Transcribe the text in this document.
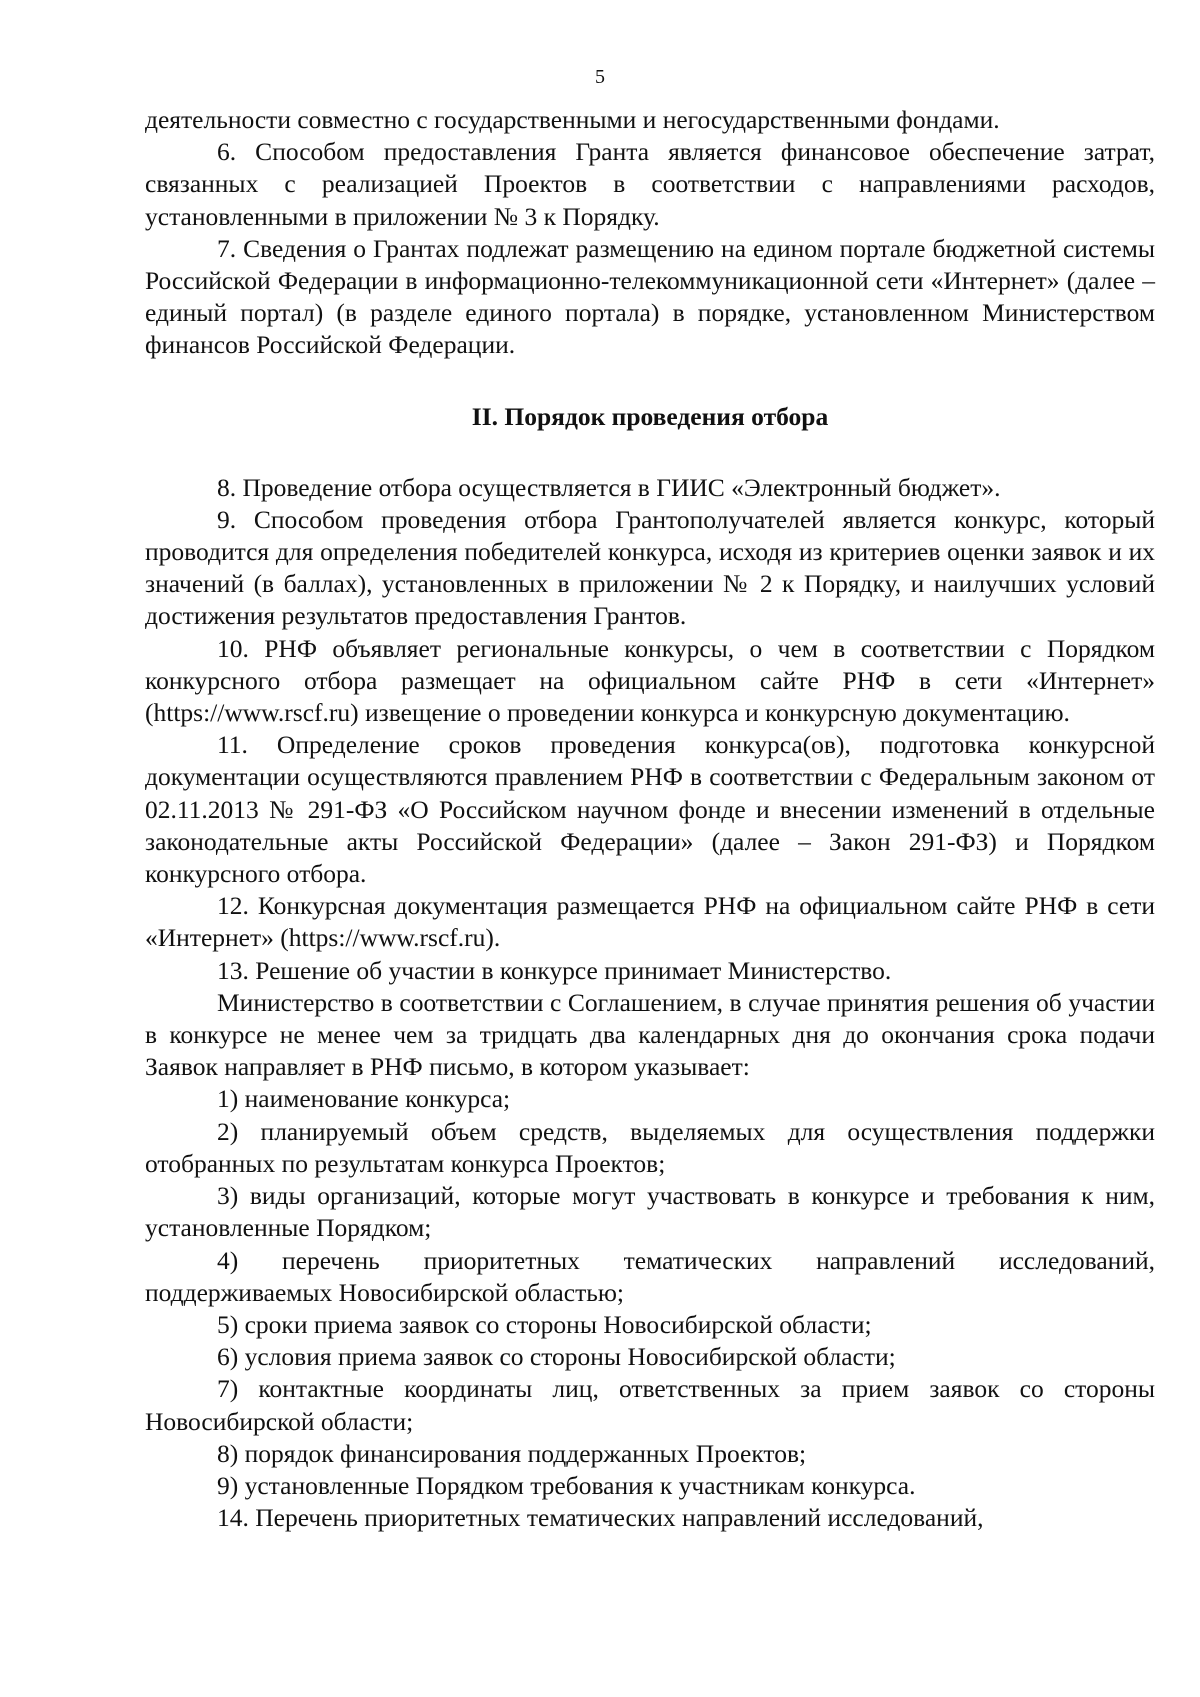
5

деятельности совместно с государственными и негосударственными фондами.

6. Способом предоставления Гранта является финансовое обеспечение затрат, связанных с реализацией Проектов в соответствии с направлениями расходов, установленными в приложении № 3 к Порядку.

7. Сведения о Грантах подлежат размещению на едином портале бюджетной системы Российской Федерации в информационно-телекоммуникационной сети «Интернет» (далее – единый портал) (в разделе единого портала) в порядке, установленном Министерством финансов Российской Федерации.

II. Порядок проведения отбора

8. Проведение отбора осуществляется в ГИИС «Электронный бюджет».

9. Способом проведения отбора Грантополучателей является конкурс, который проводится для определения победителей конкурса, исходя из критериев оценки заявок и их значений (в баллах), установленных в приложении № 2 к Порядку, и наилучших условий достижения результатов предоставления Грантов.

10. РНФ объявляет региональные конкурсы, о чем в соответствии с Порядком конкурсного отбора размещает на официальном сайте РНФ в сети «Интернет» (https://www.rscf.ru) извещение о проведении конкурса и конкурсную документацию.

11. Определение сроков проведения конкурса(ов), подготовка конкурсной документации осуществляются правлением РНФ в соответствии с Федеральным законом от 02.11.2013 № 291-ФЗ «О Российском научном фонде и внесении изменений в отдельные законодательные акты Российской Федерации» (далее – Закон 291-ФЗ) и Порядком конкурсного отбора.

12. Конкурсная документация размещается РНФ на официальном сайте РНФ в сети «Интернет» (https://www.rscf.ru).

13. Решение об участии в конкурсе принимает Министерство.

Министерство в соответствии с Соглашением, в случае принятия решения об участии в конкурсе не менее чем за тридцать два календарных дня до окончания срока подачи Заявок направляет в РНФ письмо, в котором указывает:

1) наименование конкурса;

2) планируемый объем средств, выделяемых для осуществления поддержки отобранных по результатам конкурса Проектов;

3) виды организаций, которые могут участвовать в конкурсе и требования к ним, установленные Порядком;

4) перечень приоритетных тематических направлений исследований, поддерживаемых Новосибирской областью;

5) сроки приема заявок со стороны Новосибирской области;

6) условия приема заявок со стороны Новосибирской области;

7) контактные координаты лиц, ответственных за прием заявок со стороны Новосибирской области;

8) порядок финансирования поддержанных Проектов;

9) установленные Порядком требования к участникам конкурса.

14. Перечень приоритетных тематических направлений исследований,
